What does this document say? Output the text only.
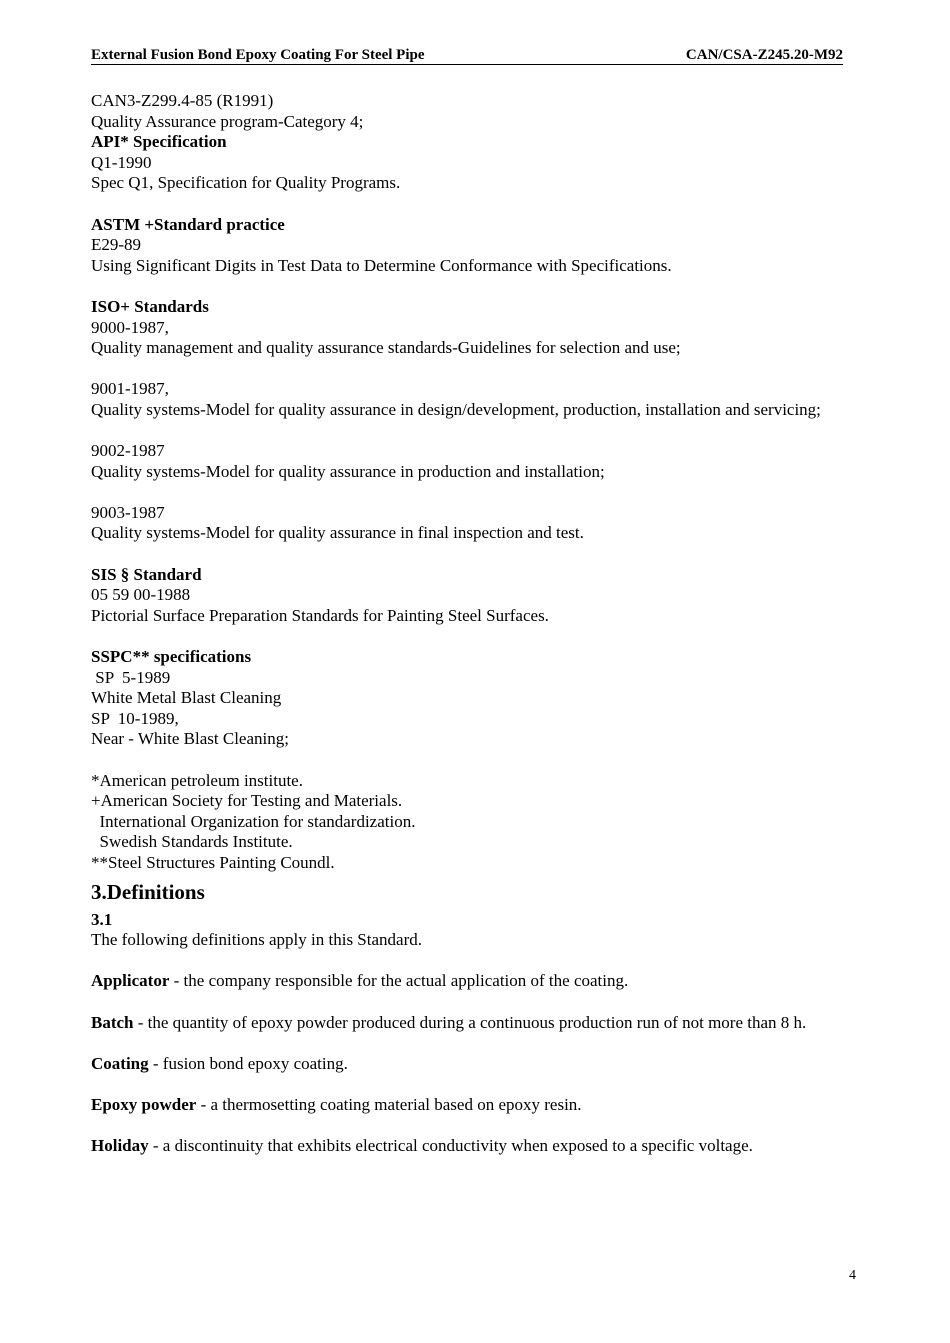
External Fusion Bond Epoxy Coating For Steel Pipe	CAN/CSA-Z245.20-M92
CAN3-Z299.4-85 (R1991)
Quality Assurance program-Category 4;
API* Specification
Q1-1990
Spec Q1, Specification for Quality Programs.
ASTM +Standard practice
E29-89
Using Significant Digits in Test Data to Determine Conformance with Specifications.
ISO+ Standards
9000-1987,
Quality management and quality assurance standards-Guidelines for selection and use;
9001-1987,
Quality systems-Model for quality assurance in design/development, production, installation and servicing;
9002-1987
Quality systems-Model for quality assurance in production and installation;
9003-1987
Quality systems-Model for quality assurance in final inspection and test.
SIS § Standard
05 59 00-1988
Pictorial Surface Preparation Standards for Painting Steel Surfaces.
SSPC** specifications
SP  5-1989
White Metal Blast Cleaning
SP  10-1989,
Near - White Blast Cleaning;
*American petroleum institute.
+American Society for Testing and Materials.
International Organization for standardization.
Swedish Standards Institute.
**Steel Structures Painting Coundl.
3.Definitions
3.1
The following definitions apply in this Standard.
Applicator - the company responsible for the actual application of the coating.
Batch - the quantity of epoxy powder produced during a continuous production run of not more than 8 h.
Coating - fusion bond epoxy coating.
Epoxy powder - a thermosetting coating material based on epoxy resin.
Holiday - a discontinuity that exhibits electrical conductivity when exposed to a specific voltage.
4
